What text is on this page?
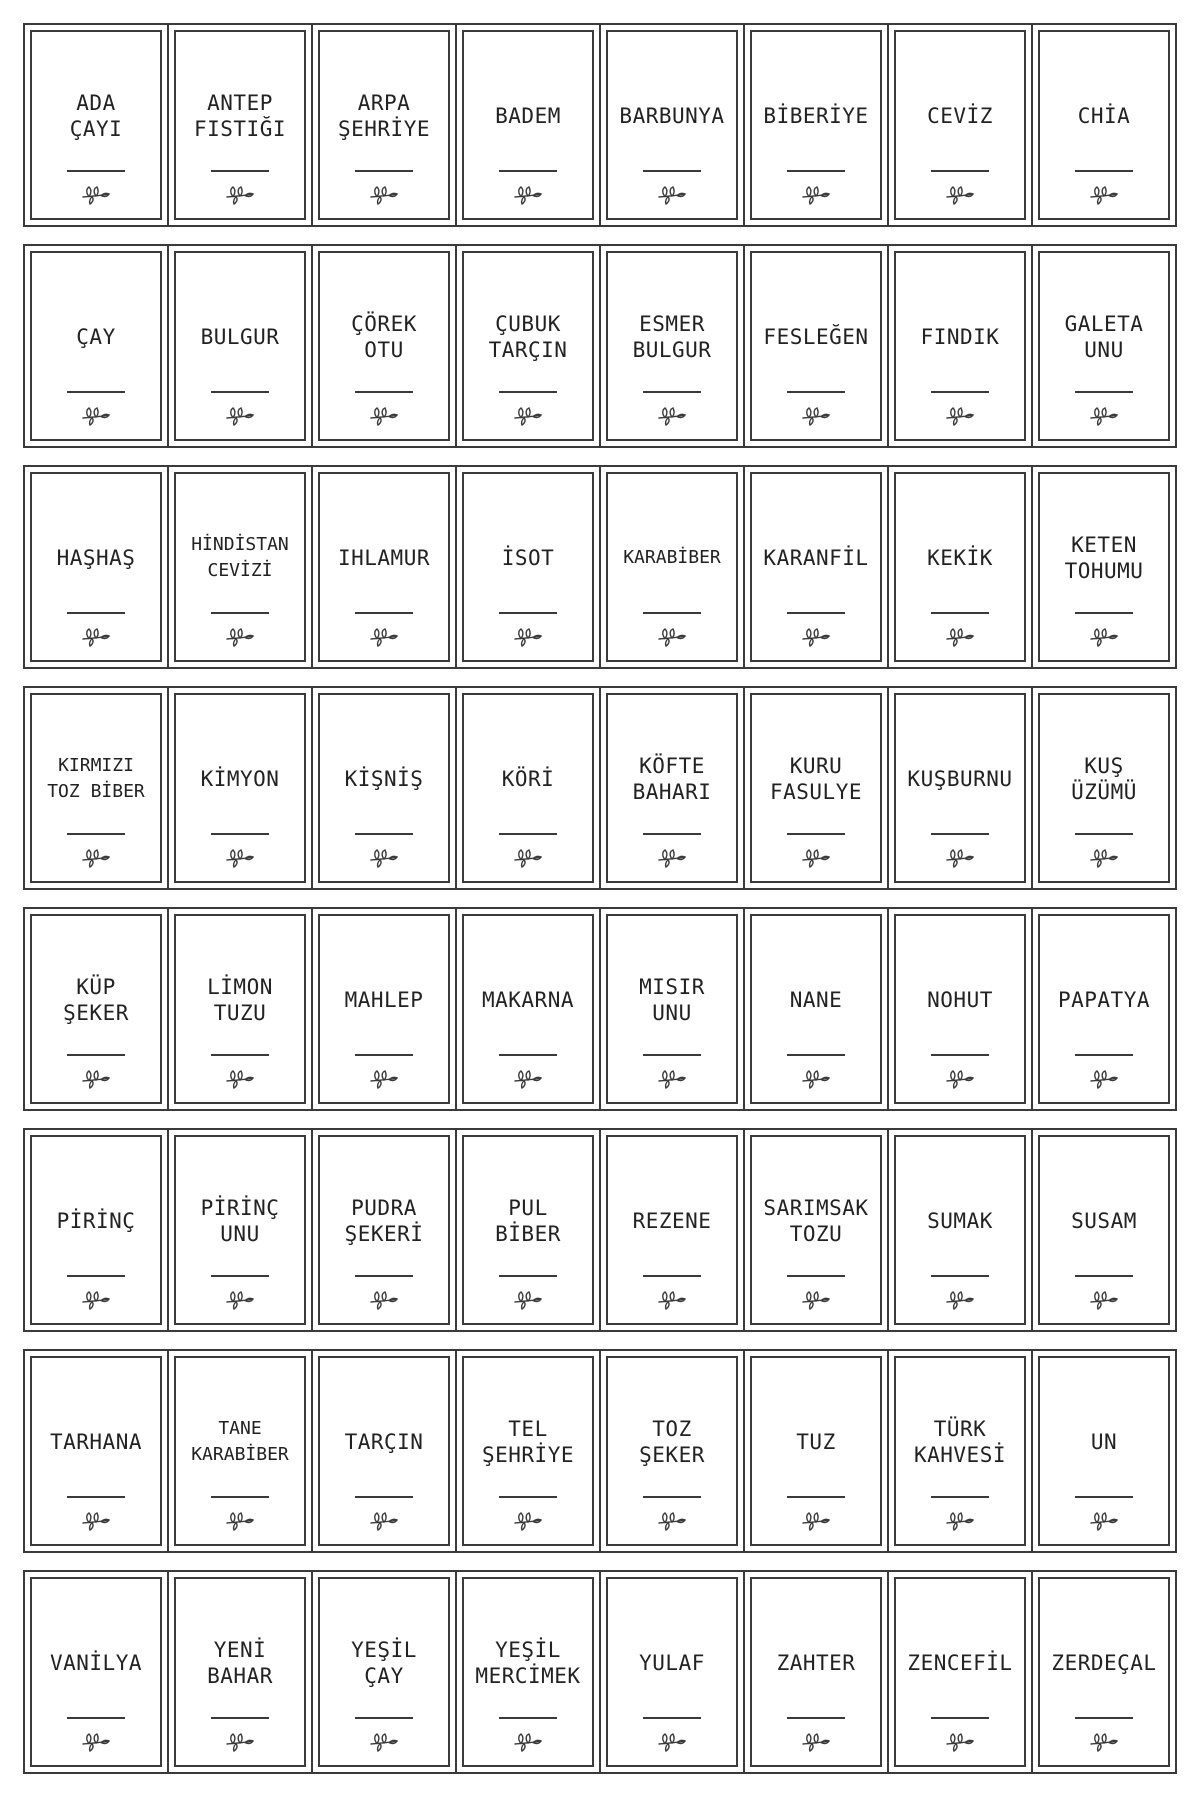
ADA
ÇAYI
ANTEP
FISTIĞI
ARPA
ŞEHRİYE
BADEM	BARBUNYA BİBERİYE	CEVİZ	CHİA
ÇAY	BULGUR
ÇÖREK
OTU
ÇUBUK
TARÇIN
ESMER
BULGUR
FESLEĞEN FINDIK
GALETA
UNU
HAŞHAŞ
HİNDİSTAN
CEVİZİ
IHLAMUR	İSOT	KARABİBER KARANFİL	KEKİK
KETEN
TOHUMU
KIRMIZI
TOZ BİBER
KİMYON	KİŞNİŞ	KÖRİ
KÖFTE
BAHARI
KURU
FASULYE
KUŞBURNU
KUŞ
ÜZÜMÜ
KÜP
ŞEKER
LİMON
TUZU
MAHLEP	MAKARNA
MISIR
UNU
NANE	NOHUT	PAPATYA
PİRİNÇ
PİRİNÇ
UNU
PUDRA
ŞEKERİ
PUL
BİBER
REZENE
SARIMSAK
TOZU
SUMAK	SUSAM
TARHANA
TANE
KARABİBER
TARÇIN
TEL
ŞEHRİYE
TOZ
ŞEKER
TUZ
TÜRK
KAHVESİ
UN
VANİLYA
YENİ
BAHAR
YEŞİL
ÇAY
YEŞİL
MERCİMEK
YULAF	ZAHTER ZENCEFİL ZERDEÇAL
